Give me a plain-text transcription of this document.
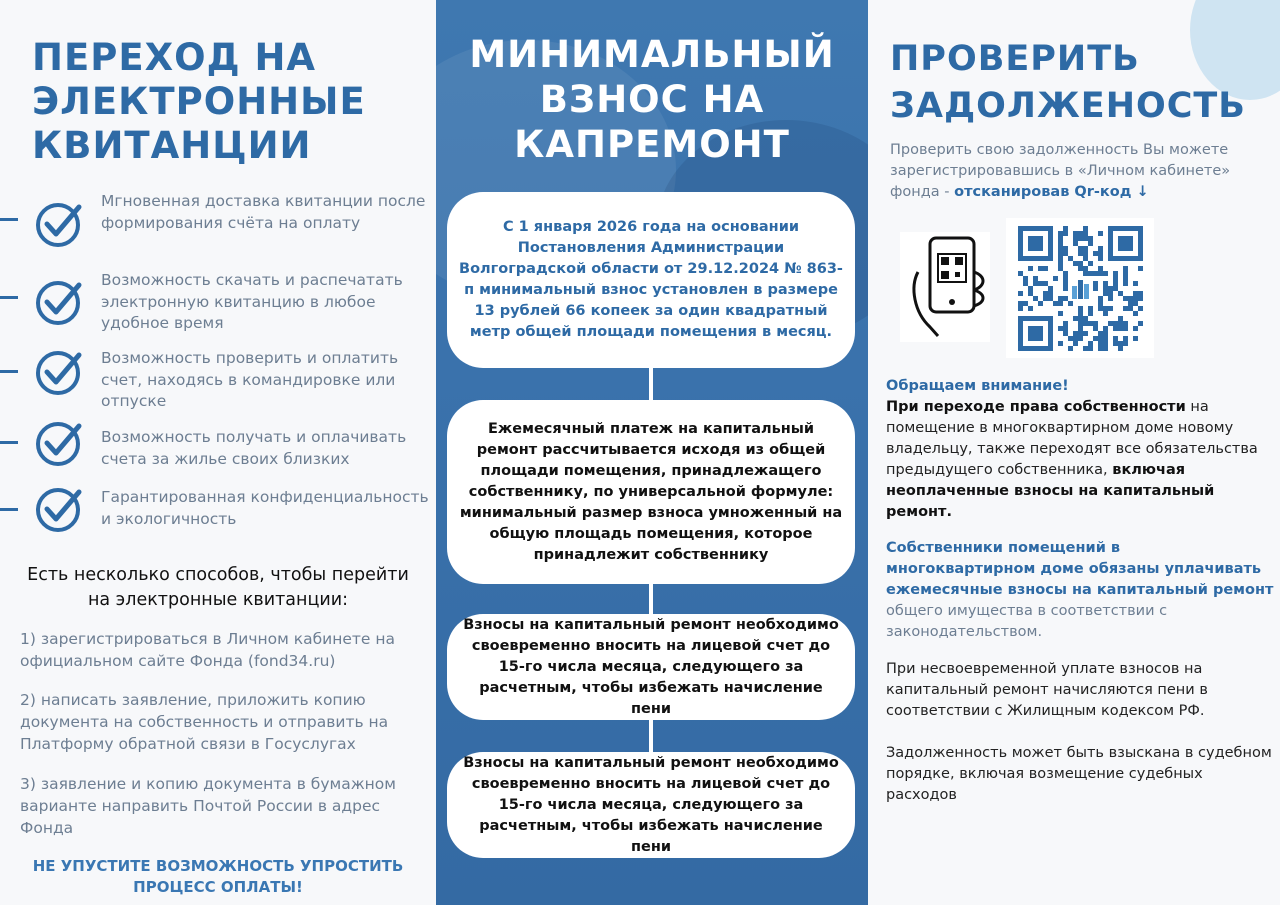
ПЕРЕХОД НА ЭЛЕКТРОННЫЕ КВИТАНЦИИ
Мгновенная доставка квитанции после формирования счёта на оплату
Возможность скачать и распечатать электронную квитанцию в любое удобное время
Возможность проверить и оплатить счет, находясь в командировке или отпуске
Возможность получать и оплачивать счета за жилье своих близких
Гарантированная конфиденциальность и экологичность
Есть несколько способов, чтобы перейти на электронные квитанции:
1) зарегистрироваться в Личном кабинете на официальном сайте Фонда (fond34.ru)
2) написать заявление, приложить копию документа на собственность и отправить на Платформу обратной связи в Госуслугах
3) заявление и копию документа в бумажном варианте направить Почтой России в адрес Фонда
НЕ УПУСТИТЕ ВОЗМОЖНОСТЬ УПРОСТИТЬ ПРОЦЕСС ОПЛАТЫ!
МИНИМАЛЬНЫЙ ВЗНОС НА КАПРЕМОНТ
С 1 января 2026 года на основании Постановления Администрации Волгоградской области от 29.12.2024 № 863-п минимальный взнос установлен в размере 13 рублей 66 копеек за один квадратный метр общей площади помещения в месяц.
Ежемесячный платеж на капитальный ремонт рассчитывается исходя из общей площади помещения, принадлежащего собственнику, по универсальной формуле: минимальный размер взноса умноженный на общую площадь помещения, которое принадлежит собственнику
Взносы на капитальный ремонт необходимо своевременно вносить на лицевой счет до 15-го числа месяца, следующего за расчетным, чтобы избежать начисление пени
Взносы на капитальный ремонт необходимо своевременно вносить на лицевой счет до 15-го числа месяца, следующего за расчетным, чтобы избежать начисление пени
ПРОВЕРИТЬ ЗАДОЛЖЕНОСТЬ
Проверить свою задолженность Вы можете зарегистрировавшись в «Личном кабинете» фонда - отсканировав Qr-код ↓
Обращаем внимание!
При переходе права собственности на помещение в многоквартирном доме новому владельцу, также переходят все обязательства предыдущего собственника, включая неоплаченные взносы на капитальный ремонт.
Собственники помещений в многоквартирном доме обязаны уплачивать ежемесячные взносы на капитальный ремонт общего имущества в соответствии с законодательством.
При несвоевременной уплате взносов на капитальный ремонт начисляются пени в соответствии с Жилищным кодексом РФ.
Задолженность может быть взыскана в судебном порядке, включая возмещение судебных расходов
